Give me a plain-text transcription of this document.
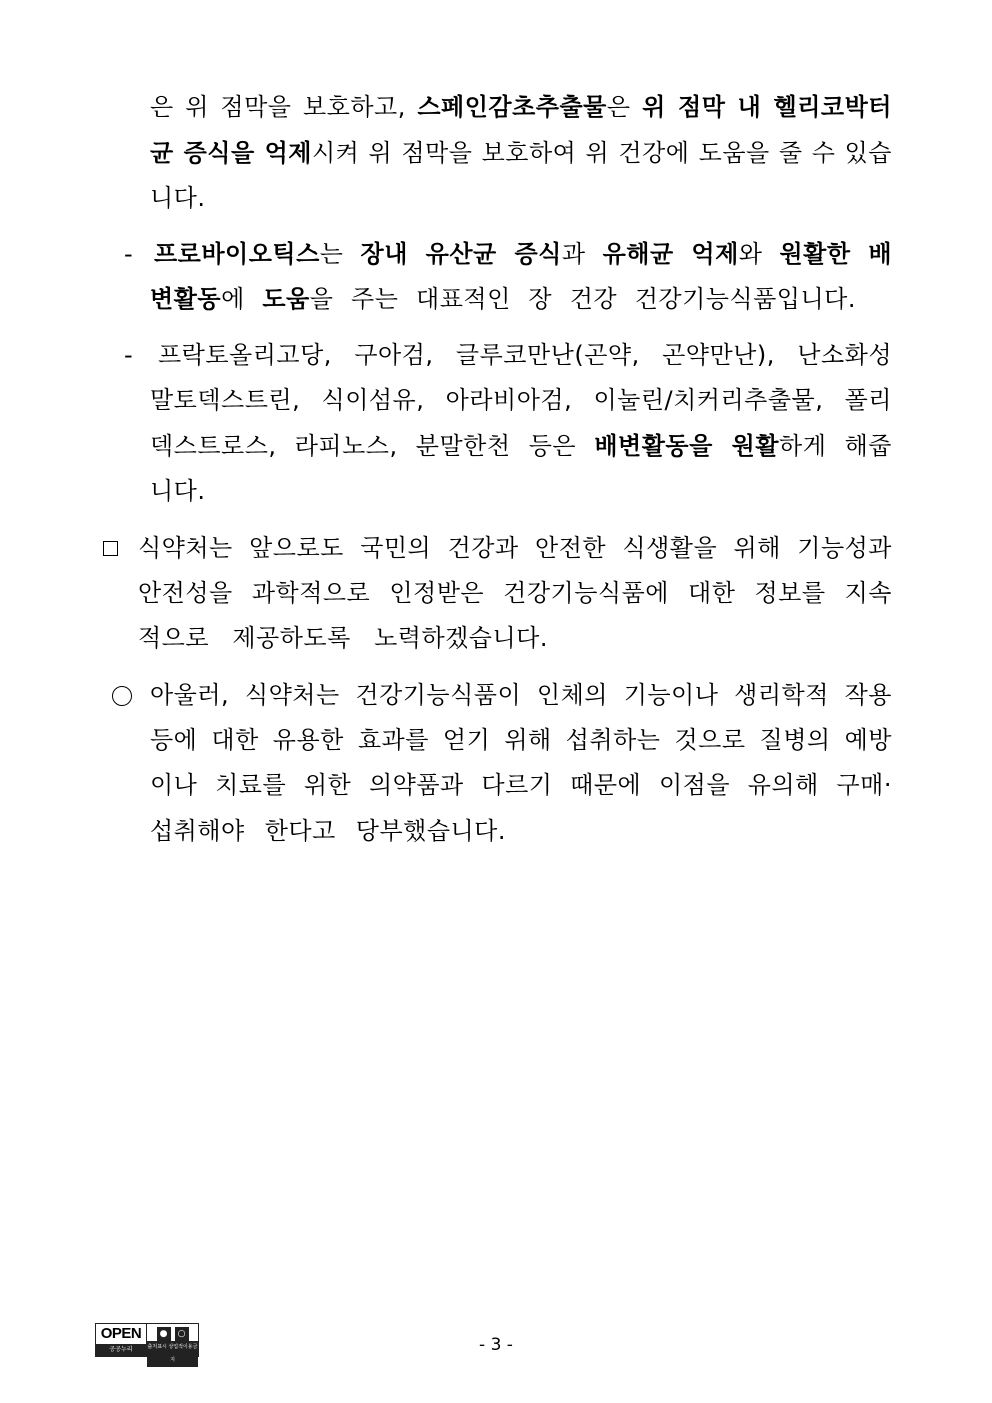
은 위 점막을 보호하고, 스페인감초추출물은 위 점막 내 헬리코박터
균 증식을 억제시켜 위 점막을 보호하여 위 건강에 도움을 줄 수 있습
니다.
- 프로바이오틱스는 장내 유산균 증식과 유해균 억제와 원활한 배
변활동에 도움을 주는 대표적인 장 건강 건강기능식품입니다.
- 프락토올리고당, 구아검, 글루코만난(곤약, 곤약만난), 난소화성
말토덱스트린, 식이섬유, 아라비아검, 이눌린/치커리추출물, 폴리
덱스트로스, 라피노스, 분말한천 등은 배변활동을 원활하게 해줍
니다.
식약처는 앞으로도 국민의 건강과 안전한 식생활을 위해 기능성과
안전성을 과학적으로 인정받은 건강기능식품에 대한 정보를 지속
적으로 제공하도록 노력하겠습니다.
아울러, 식약처는 건강기능식품이 인체의 기능이나 생리학적 작용
등에 대한 유용한 효과를 얻기 위해 섭취하는 것으로 질병의 예방
이나 치료를 위한 의약품과 다르기 때문에 이점을 유의해 구매·
섭취해야 한다고 당부했습니다.
OPEN
공공누리
●	○
출처표시 상업적이용금지
- 3 -
